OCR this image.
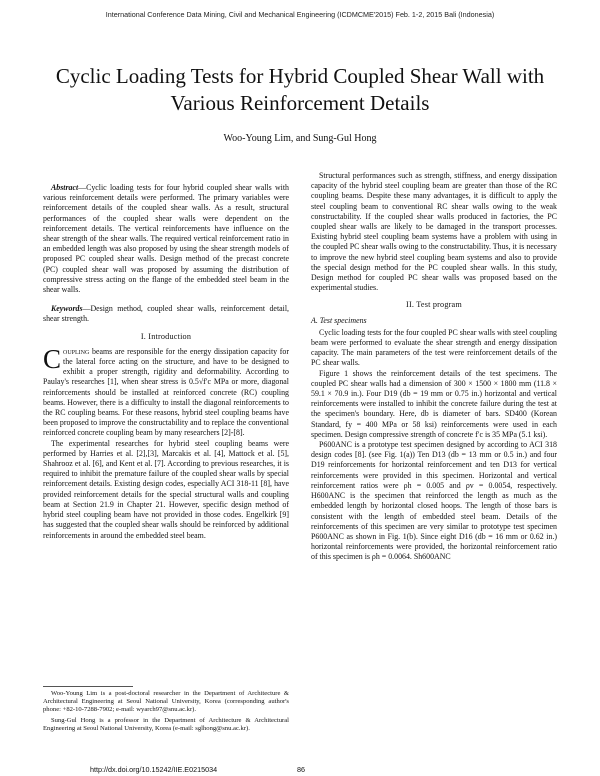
International Conference Data Mining, Civil and Mechanical Engineering (ICDMCME'2015) Feb. 1-2, 2015 Bali (Indonesia)
Cyclic Loading Tests for Hybrid Coupled Shear Wall with Various Reinforcement Details
Woo-Young Lim, and Sung-Gul Hong

Abstract—Cyclic loading tests for four hybrid coupled shear walls with various reinforcement details were performed. The primary variables were reinforcement details of the coupled shear walls. As a result, structural performances of the coupled shear walls were dependent on the reinforcement details. The vertical reinforcements have influence on the shear strength of the shear walls. The required vertical reinforcement ratio in an embedded length was also proposed by using the shear strength models of proposed PC coupled shear walls. Design method of the precast concrete (PC) coupled shear wall was proposed by assuming the distribution of compressive stress acting on the flange of the embedded steel beam in the shear walls.

Keywords—Design method, coupled shear walls, reinforcement detail, shear strength.

I. Introduction

Coupling beams are responsible for the energy dissipation capacity for the lateral force acting on the structure, and have to be designed to exhibit a proper strength, rigidity and deformability. According to Paulay's researches [1], when shear stress is 0.5√f′c MPa or more, diagonal reinforcements should be installed at reinforced concrete (RC) coupling beams. However, there is a difficulty to install the diagonal reinforcements to the RC coupling beams. For these reasons, hybrid steel coupling beams have been proposed to improve the constructability and to replace the conventional reinforced concrete coupling beam by many researchers [2]-[8].

The experimental researches for hybrid steel coupling beams were performed by Harries et al. [2],[3], Marcakis et al. [4], Mattock et al. [5], Shahrooz et al. [6], and Kent et al. [7]. According to previous researches, it is required to inhibit the premature failure of the coupled shear walls by special reinforcement details. Existing design codes, especially ACI 318-11 [8], have provided reinforcement details for the special structural walls and coupling beam at Section 21.9 in Chapter 21. However, specific design method of hybrid steel coupling beam have not provided in those codes. Engelkirk [9] has suggested that the coupled shear walls should be reinforced by additional reinforcements in around the embedded steel beam.

Structural performances such as strength, stiffness, and energy dissipation capacity of the hybrid steel coupling beam are greater than those of the RC coupling beams. Despite these many advantages, it is difficult to apply the steel coupling beam to conventional RC shear walls owing to the weak constructability. If the coupled shear walls produced in factories, the PC coupled shear walls are likely to be damaged in the transport processes. Existing hybrid steel coupling beam systems have a problem with using in the coupled PC shear walls owing to the constructability. Thus, it is necessary to improve the new hybrid steel coupling beam systems and also to provide the special design method for the PC coupled shear walls. In this study, Design method for coupled PC shear walls was proposed based on the experimental studies.

II. Test program
A. Test specimens

Cyclic loading tests for the four coupled PC shear walls with steel coupling beam were performed to evaluate the shear strength and energy dissipation capacity. The main parameters of the test were reinforcement details of the PC shear walls.

Figure 1 shows the reinforcement details of the test specimens. The coupled PC shear walls had a dimension of 300 × 1500 × 1800 mm (11.8 × 59.1 × 70.9 in.). Four D19 (db = 19 mm or 0.75 in.) horizontal and vertical reinforcements were installed to inhibit the concrete failure during the test at the specimen's boundary. Here, db is diameter of bars. SD400 (Korean Standard, fy = 400 MPa or 58 ksi) reinforcements were used in each specimen. Design compressive strength of concrete f′c is 35 MPa (5.1 ksi).

P600ANC is a prototype test specimen designed by according to ACI 318 design codes [8]. (see Fig. 1(a)) Ten D13 (db = 13 mm or 0.5 in.) and four D19 reinforcements for horizontal reinforcement and ten D13 for vertical reinforcements were provided in this specimen. Horizontal and vertical reinforcement ratios were ρh = 0.005 and ρv = 0.0054, respectively. H600ANC is the specimen that reinforced the length as much as the embedded length by horizontal closed hoops. The length of those bars is consistent with the length of embedded steel beam. Details of the reinforcements of this specimen are very similar to prototype test specimen P600ANC as shown in Fig. 1(b). Since eight D16 (db = 16 mm or 0.62 in.) horizontal reinforcements were provided, the horizontal reinforcement ratio of this specimen is ρh = 0.0064. Sh600ANC

Woo-Young Lim is a post-doctoral researcher in the Department of Architecture & Architectural Engineering at Seoul National University, Korea (corresponding author's phone: +82-10-7288-7902; e-mail: wyarch97@snu.ac.kr).

Sung-Gul Hong is a professor in the Department of Architecture & Architectural Engineering at Seoul National University, Korea (e-mail: sglhong@snu.ac.kr).

http://dx.doi.org/10.15242/IIE.E0215034	86
